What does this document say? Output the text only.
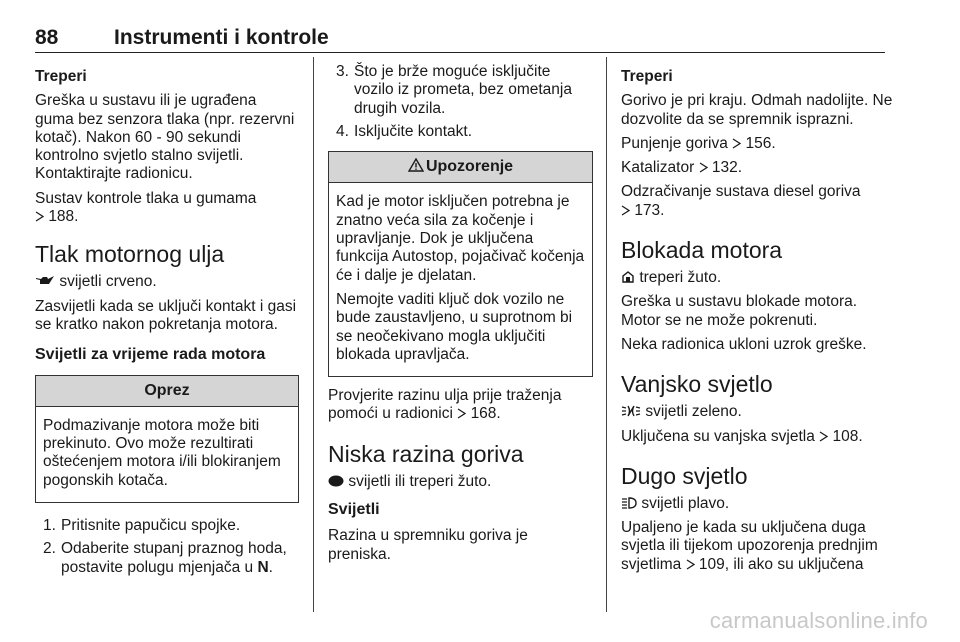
88	Instrumenti i kontrole
Treperi

Greška u sustavu ili je ugrađena guma bez senzora tlaka (npr. rezervni kotač). Nakon 60 - 90 sekundi kontrolno svjetlo stalno svijetli. Kontaktirajte radionicu.

Sustav kontrole tlaka u gumama
188.

Tlak motornog ulja

svijetli crveno.

Zasvijetli kada se uključi kontakt i gasi se kratko nakon pokretanja motora.

Svijetli za vrijeme rada motora
Oprez

Podmazivanje motora može biti prekinuto. Ovo može rezultirati oštećenjem motora i/ili blokiranjem pogonskih kotača.

1. Pritisnite papučicu spojke.
2. Odaberite stupanj praznog hoda, postavite polugu mjenjača u N.
3. Što je brže moguće isključite vozilo iz prometa, bez ometanja drugih vozila.
4. Isključite kontakt.
Upozorenje

Kad je motor isključen potrebna je znatno veća sila za kočenje i upravljanje. Dok je uključena funkcija Autostop, pojačivač kočenja će i dalje je djelatan.

Nemojte vaditi ključ dok vozilo ne bude zaustavljeno, u suprotnom bi se neočekivano mogla uključiti blokada upravljača.

Provjerite razinu ulja prije traženja pomoći u radionici 168.

Niska razina goriva

svijetli ili treperi žuto.

Svijetli

Razina u spremniku goriva je preniska.

Treperi

Gorivo je pri kraju. Odmah nadolijte. Ne dozvolite da se spremnik isprazni.

Punjenje goriva 156.

Katalizator 132.

Odzračivanje sustava diesel goriva
173.

Blokada motora

treperi žuto.

Greška u sustavu blokade motora. Motor se ne može pokrenuti.

Neka radionica ukloni uzrok greške.

Vanjsko svjetlo

svijetli zeleno.

Uključena su vanjska svjetla 108.

Dugo svjetlo

svijetli plavo.

Upaljeno je kada su uključena duga svjetla ili tijekom upozorenja prednjim svjetlima 109, ili ako su uključena

carmanualsonline.info
